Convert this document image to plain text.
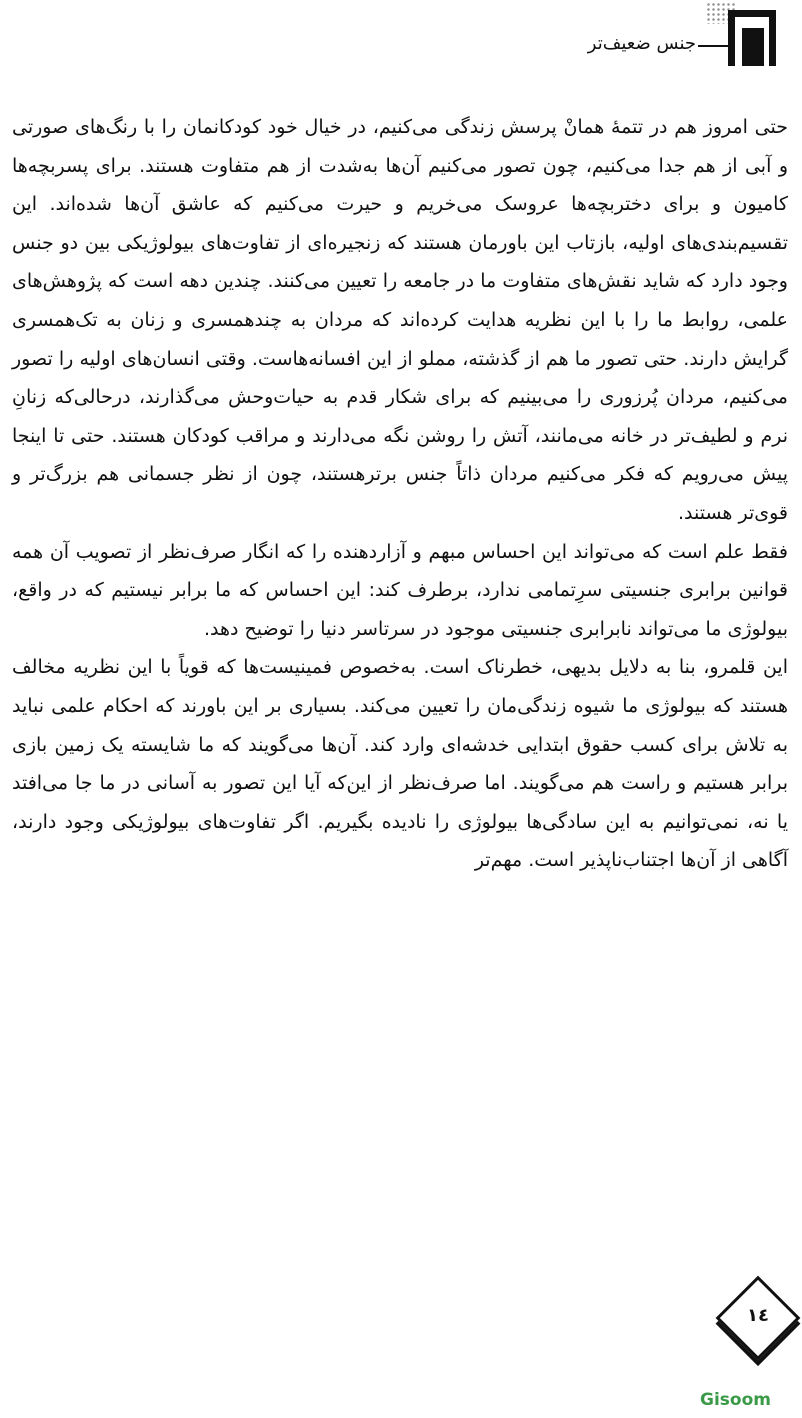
جنس ضعیف‌تر

حتی امروز هم در تتمهٔ همانْ پرسش زندگی می‌کنیم، در خیال خود کودکانمان را با رنگ‌های صورتی و آبی از هم جدا می‌کنیم، چون تصور می‌کنیم آن‌ها به‌شدت از هم متفاوت هستند. برای پسربچه‌ها کامیون و برای دختربچه‌ها عروسک می‌خریم و حیرت می‌کنیم که عاشق آن‌ها شده‌اند. این تقسیم‌بندی‌های اولیه، بازتاب این باورمان هستند که زنجیره‌ای از تفاوت‌های بیولوژیکی بین دو جنس وجود دارد که شاید نقش‌های متفاوت ما در جامعه را تعیین می‌کنند. چندین دهه است که پژوهش‌های علمی، روابط ما را با این نظریه هدایت کرده‌اند که مردان به چندهمسری و زنان به تک‌همسری گرایش دارند. حتی تصور ما هم از گذشته، مملو از این افسانه‌هاست. وقتی انسان‌های اولیه را تصور می‌کنیم، مردان پُرزوری را می‌بینیم که برای شکار قدم به حیات‌وحش می‌گذارند، درحالی‌که زنانِ نرم و لطیف‌تر در خانه می‌مانند، آتش را روشن نگه می‌دارند و مراقب کودکان هستند. حتی تا اینجا پیش می‌رویم که فکر می‌کنیم مردان ذاتاً جنس برترهستند، چون از نظر جسمانی هم بزرگ‌تر و قوی‌تر هستند.

فقط علم است که می‌تواند این احساس مبهم و آزاردهنده را که انگار صرف‌نظر از تصویب آن همه قوانین برابری جنسیتی سرِتمامی ندارد، برطرف کند: این احساس که ما برابر نیستیم که در واقع، بیولوژی ما می‌تواند نابرابری جنسیتی موجود در سرتاسر دنیا را توضیح دهد.

این قلمرو، بنا به دلایل بدیهی، خطرناک است. به‌خصوص فمینیست‌ها که قویاً با این نظریه مخالف هستند که بیولوژی ما شیوه زندگی‌مان را تعیین می‌کند. بسیاری بر این باورند که احکام علمی نباید به تلاش برای کسب حقوق ابتدایی خدشه‌ای وارد کند. آن‌ها می‌گویند که ما شایسته یک زمین بازی برابر هستیم و راست هم می‌گویند. اما صرف‌نظر از این‌که آیا این تصور به آسانی در ما جا می‌افتد یا نه، نمی‌توانیم به این سادگی‌ها بیولوژی را نادیده بگیریم. اگر تفاوت‌های بیولوژیکی وجود دارند، آگاهی از آن‌ها اجتناب‌ناپذیر است. مهم‌تر

١٤
Gisoom
